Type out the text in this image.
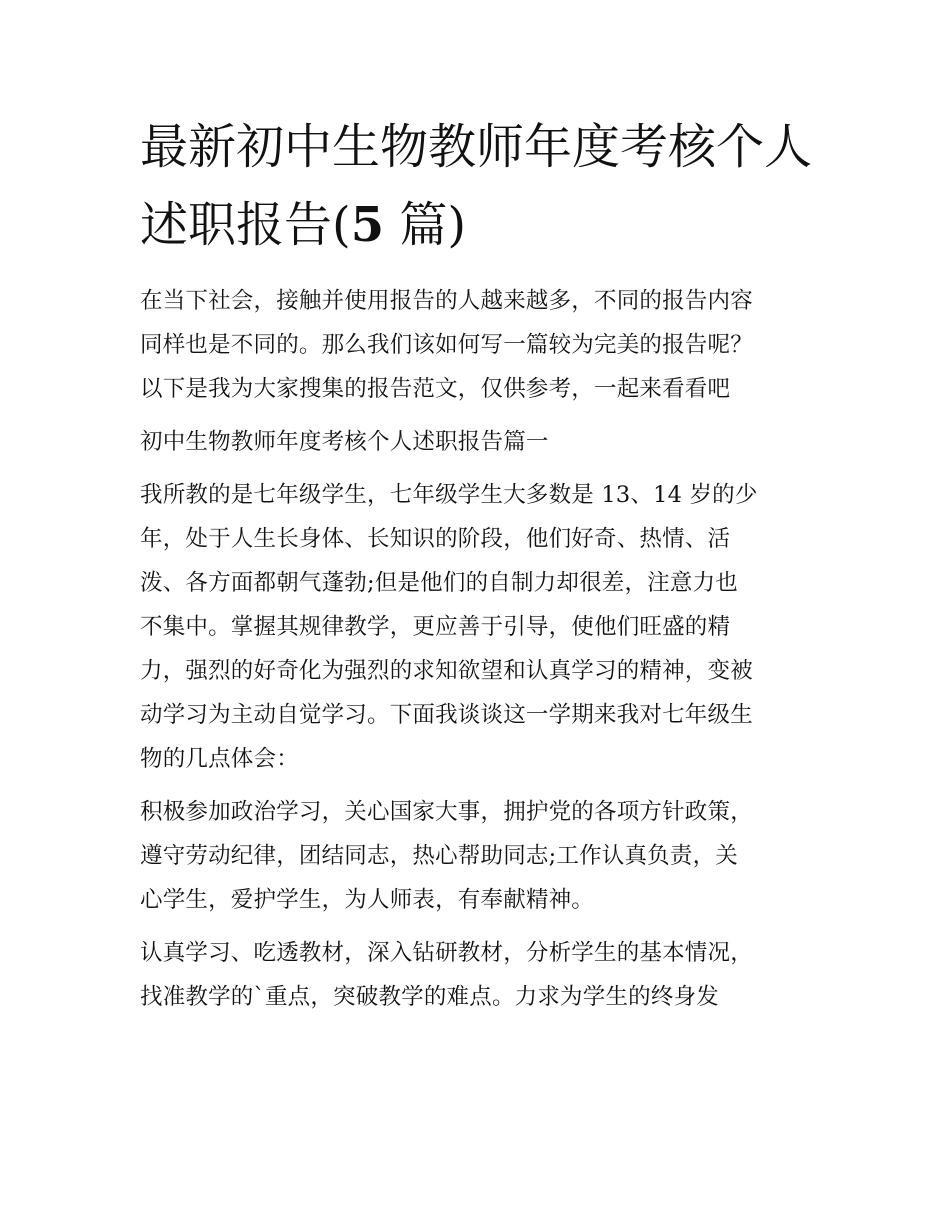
最新初中生物教师年度考核个人述职报告(5 篇)

在当下社会，接触并使用报告的人越来越多，不同的报告内容
同样也是不同的。那么我们该如何写一篇较为完美的报告呢？
以下是我为大家搜集的报告范文，仅供参考，一起来看看吧

初中生物教师年度考核个人述职报告篇一

我所教的是七年级学生，七年级学生大多数是 13、14 岁的少
年，处于人生长身体、长知识的阶段，他们好奇、热情、活
泼、各方面都朝气蓬勃;但是他们的自制力却很差，注意力也
不集中。掌握其规律教学，更应善于引导，使他们旺盛的精
力，强烈的好奇化为强烈的求知欲望和认真学习的精神，变被
动学习为主动自觉学习。下面我谈谈这一学期来我对七年级生
物的几点体会：

积极参加政治学习，关心国家大事，拥护党的各项方针政策，
遵守劳动纪律，团结同志，热心帮助同志;工作认真负责，关
心学生，爱护学生，为人师表，有奉献精神。

认真学习、吃透教材，深入钻研教材，分析学生的基本情况，
找准教学的`重点，突破教学的难点。力求为学生的终身发
